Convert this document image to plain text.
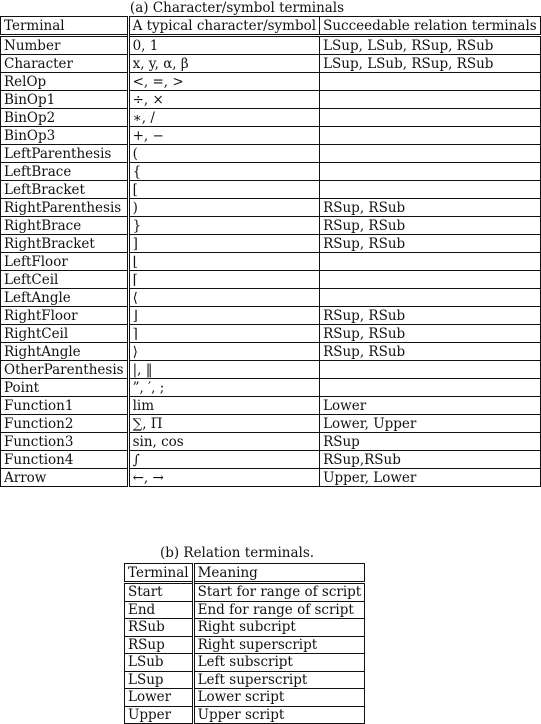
(a) Character/symbol terminals
Terminal	A typical character/symbol	Succeedable relation terminals
Number	0, 1	LSup, LSub, RSup, RSub
Character	x, y, α, β	LSup, LSub, RSup, RSub
RelOp	<, =, >	
BinOp1	÷, ×	
BinOp2	∗, /	
BinOp3	+, −	
LeftParenthesis	(	
LeftBrace	{	
LeftBracket	[	
RightParenthesis	)	RSup, RSub
RightBrace	}	RSup, RSub
RightBracket	]	RSup, RSub
LeftFloor	⌊	
LeftCeil	⌈	
LeftAngle	⟨	
RightFloor	⌋	RSup, RSub
RightCeil	⌉	RSup, RSub
RightAngle	⟩	RSup, RSub
OtherParenthesis	|, ‖	
Point	”, ′, ;	
Function1	lim	Lower
Function2	∑, Π	Lower, Upper
Function3	sin, cos	RSup
Function4	∫	RSup,RSub
Arrow	←, →	Upper, Lower
(b) Relation terminals.
Terminal	Meaning
Start	Start for range of script
End	End for range of script
RSub	Right subcript
RSup	Right superscript
LSub	Left subscript
LSup	Left superscript
Lower	Lower script
Upper	Upper script
